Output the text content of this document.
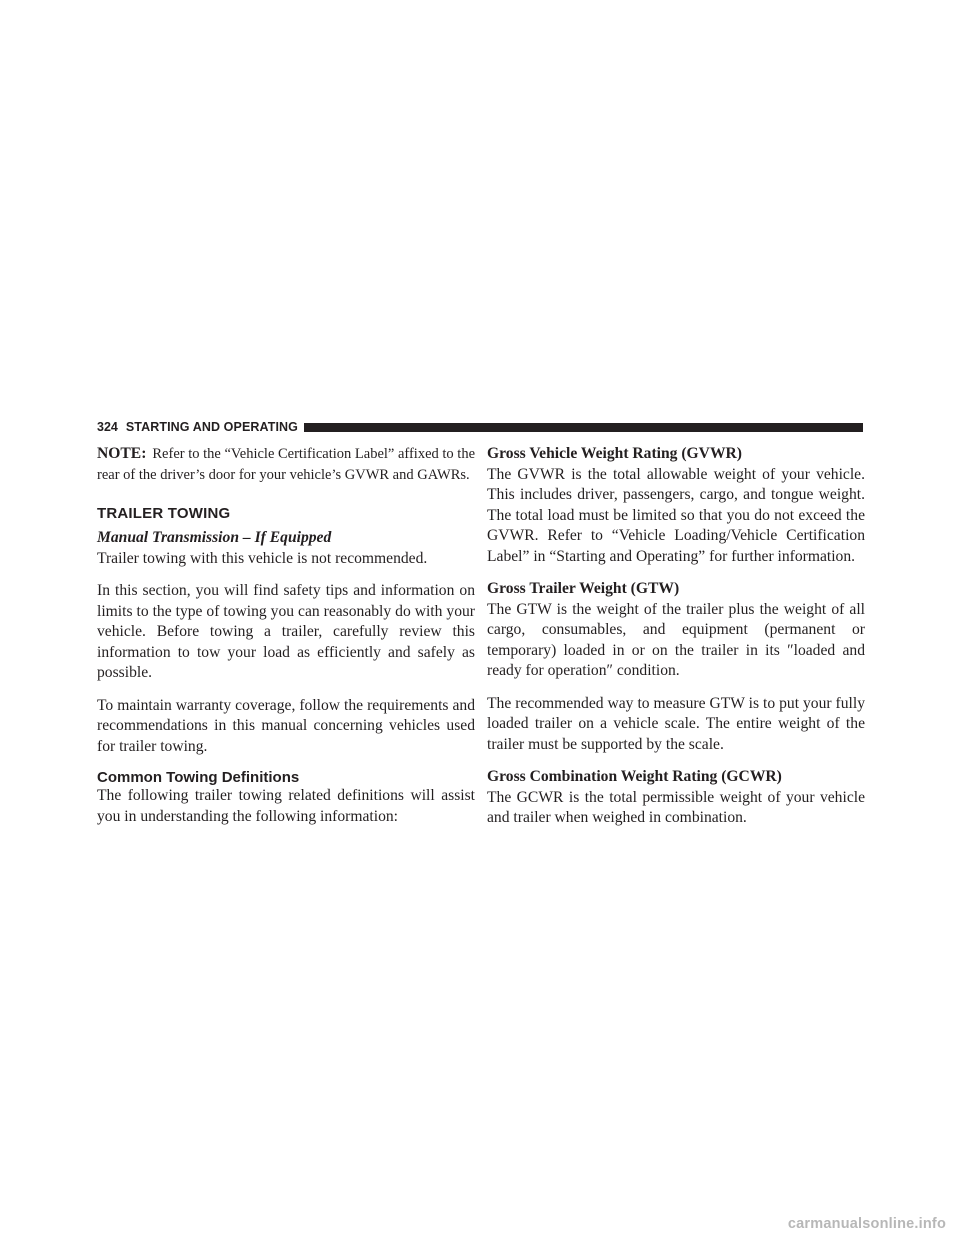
324 STARTING AND OPERATING

NOTE: Refer to the “Vehicle Certification Label” affixed to the rear of the driver’s door for your vehicle’s GVWR and GAWRs.

TRAILER TOWING

Manual Transmission – If Equipped

Trailer towing with this vehicle is not recommended.

In this section, you will find safety tips and information on limits to the type of towing you can reasonably do with your vehicle. Before towing a trailer, carefully review this information to tow your load as efficiently and safely as possible.

To maintain warranty coverage, follow the requirements and recommendations in this manual concerning vehicles used for trailer towing.

Common Towing Definitions

The following trailer towing related definitions will assist you in understanding the following information:

Gross Vehicle Weight Rating (GVWR)

The GVWR is the total allowable weight of your vehicle. This includes driver, passengers, cargo, and tongue weight. The total load must be limited so that you do not exceed the GVWR. Refer to “Vehicle Loading/Vehicle Certification Label” in “Starting and Operating” for further information.

Gross Trailer Weight (GTW)

The GTW is the weight of the trailer plus the weight of all cargo, consumables, and equipment (permanent or temporary) loaded in or on the trailer in its ″loaded and ready for operation″ condition.

The recommended way to measure GTW is to put your fully loaded trailer on a vehicle scale. The entire weight of the trailer must be supported by the scale.

Gross Combination Weight Rating (GCWR)

The GCWR is the total permissible weight of your vehicle and trailer when weighed in combination.

carmanualsonline.info
